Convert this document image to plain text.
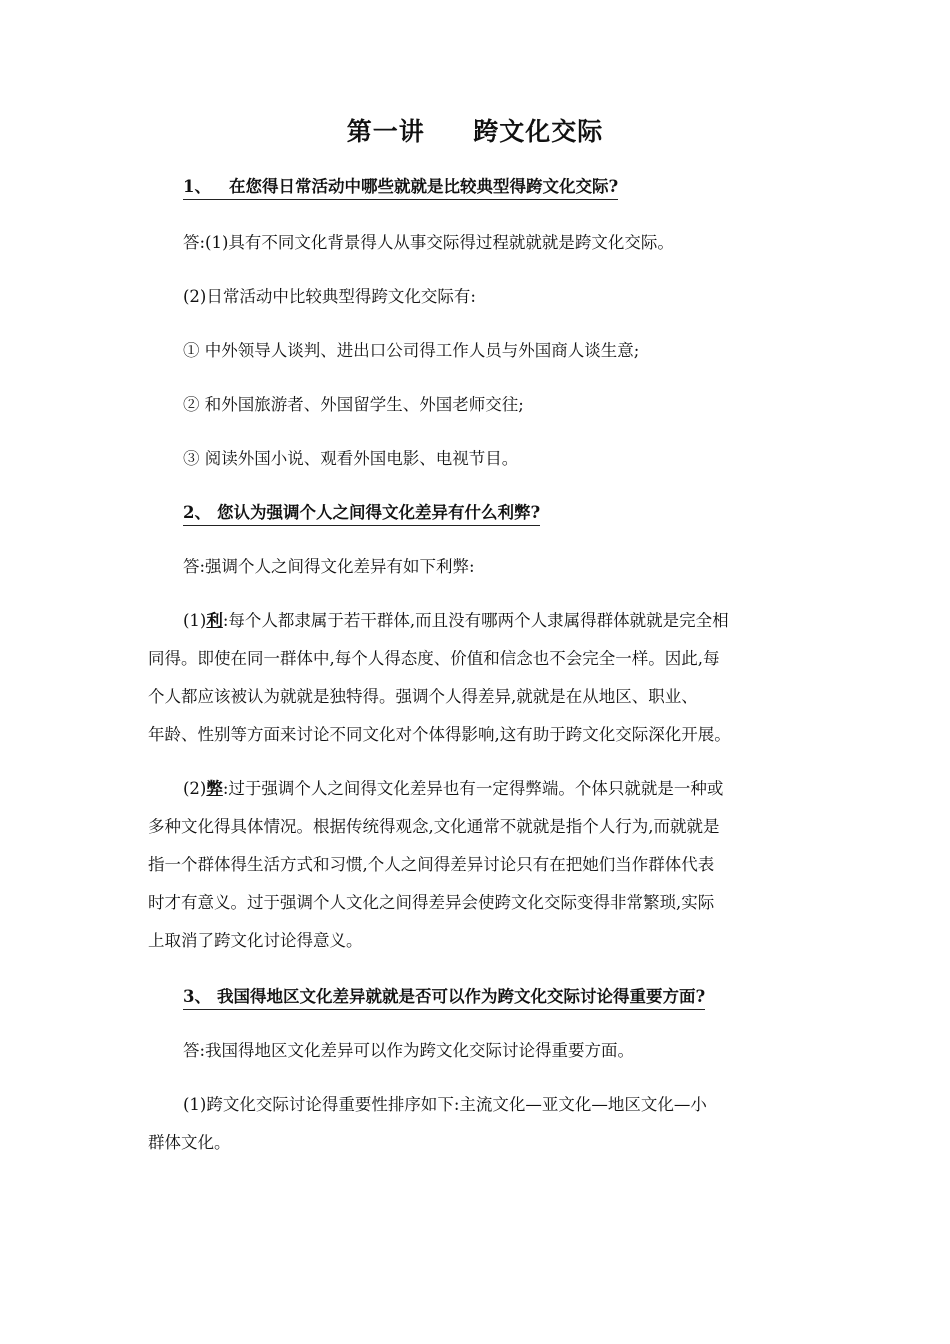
第一讲     跨文化交际
1、 在您得日常活动中哪些就就是比较典型得跨文化交际?
答:(1)具有不同文化背景得人从事交际得过程就就就是跨文化交际。
(2)日常活动中比较典型得跨文化交际有:
① 中外领导人谈判、进出口公司得工作人员与外国商人谈生意;
② 和外国旅游者、外国留学生、外国老师交往;
③ 阅读外国小说、观看外国电影、电视节目。
2、 您认为强调个人之间得文化差异有什么利弊?
答:强调个人之间得文化差异有如下利弊:
(1)利:每个人都隶属于若干群体,而且没有哪两个人隶属得群体就就是完全相
同得。即使在同一群体中,每个人得态度、价值和信念也不会完全一样。因此,每
个人都应该被认为就就是独特得。强调个人得差异,就就是在从地区、职业、
年龄、性别等方面来讨论不同文化对个体得影响,这有助于跨文化交际深化开展。
(2)弊:过于强调个人之间得文化差异也有一定得弊端。个体只就就是一种或
多种文化得具体情况。根据传统得观念,文化通常不就就是指个人行为,而就就是
指一个群体得生活方式和习惯,个人之间得差异讨论只有在把她们当作群体代表
时才有意义。过于强调个人文化之间得差异会使跨文化交际变得非常繁琐,实际
上取消了跨文化讨论得意义。
3、 我国得地区文化差异就就是否可以作为跨文化交际讨论得重要方面?
答:我国得地区文化差异可以作为跨文化交际讨论得重要方面。
(1)跨文化交际讨论得重要性排序如下:主流文化—亚文化—地区文化—小
群体文化。
